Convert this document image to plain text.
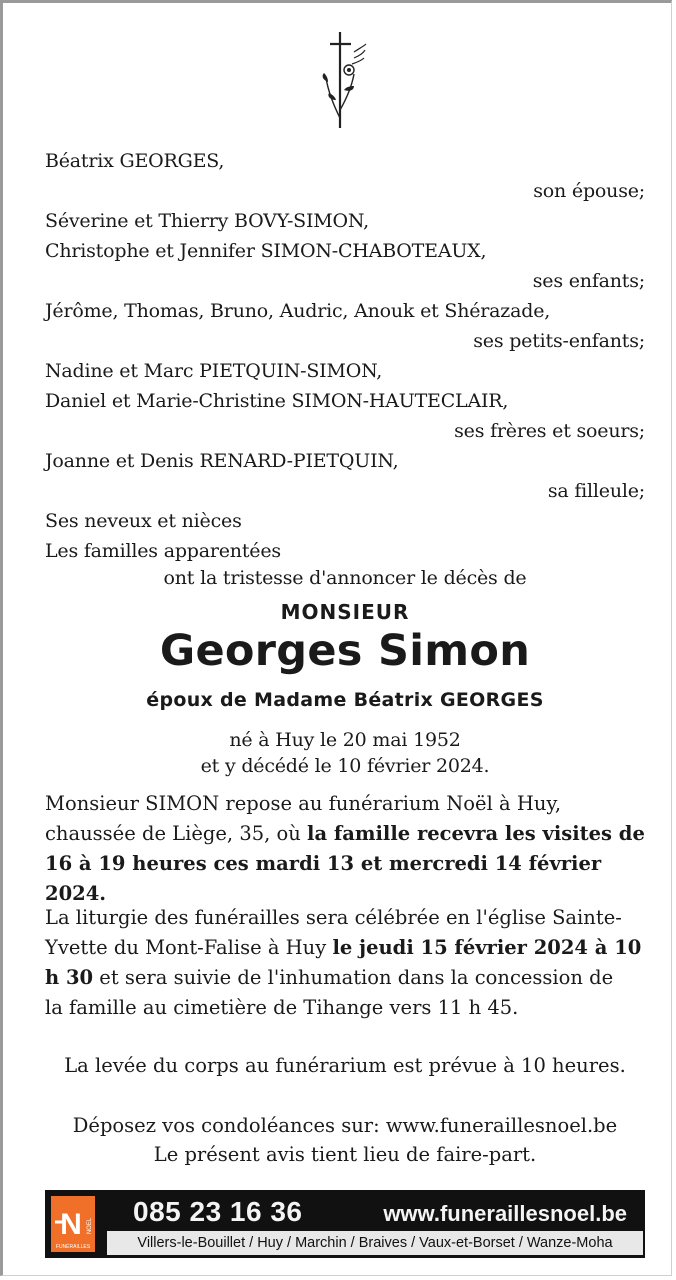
Béatrix GEORGES,
son épouse;
Séverine et Thierry BOVY-SIMON,
Christophe et Jennifer SIMON-CHABOTEAUX,
ses enfants;
Jérôme, Thomas, Bruno, Audric, Anouk et Shérazade,
ses petits-enfants;
Nadine et Marc PIETQUIN-SIMON,
Daniel et Marie-Christine SIMON-HAUTECLAIR,
ses frères et soeurs;
Joanne et Denis RENARD-PIETQUIN,
sa filleule;
Ses neveux et nièces
Les familles apparentées
ont la tristesse d'annoncer le décès de
MONSIEUR
Georges Simon
époux de Madame Béatrix GEORGES
né à Huy le 20 mai 1952
et y décédé le 10 février 2024.
Monsieur SIMON repose au funérarium Noël à Huy,
chaussée de Liège, 35, où la famille recevra les visites de
16 à 19 heures ces mardi 13 et mercredi 14 février 2024.
La liturgie des funérailles sera célébrée en l'église Sainte-
Yvette du Mont-Falise à Huy le jeudi 15 février 2024 à 10
h 30 et sera suivie de l'inhumation dans la concession de
la famille au cimetière de Tihange vers 11 h 45.
La levée du corps au funérarium est prévue à 10 heures.
Déposez vos condoléances sur: www.funeraillesnoel.be
Le présent avis tient lieu de faire-part.
N NOEL
FUNÉRAILLES
085 23 16 36	www.funeraillesnoel.be
Villers-le-Bouillet / Huy / Marchin / Braives / Vaux-et-Borset / Wanze-Moha
